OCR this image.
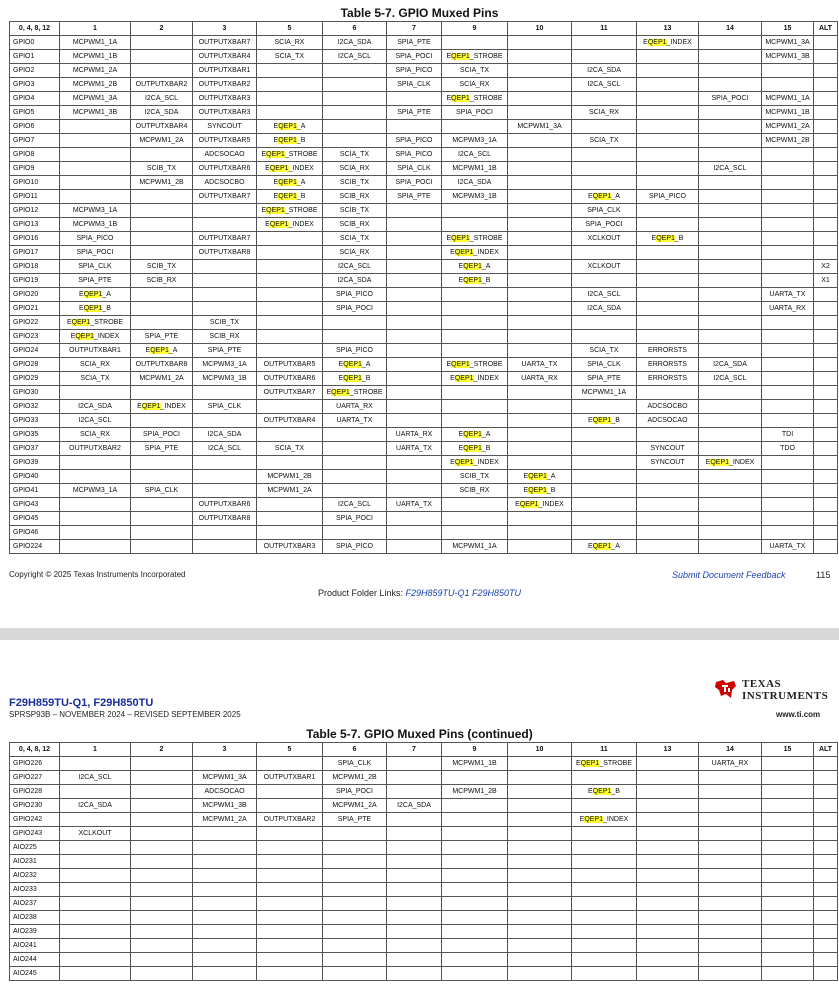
Table 5-7. GPIO Muxed Pins
0, 4, 8, 12	1	2	3	5	6	7	9	10	11	13	14	15	ALT
GPIO0	MCPWM1_1A		OUTPUTXBAR7	SCIA_RX	I2CA_SDA	SPIA_PTE				EQEP1_INDEX		MCPWM1_3A	
GPIO1	MCPWM1_1B		OUTPUTXBAR4	SCIA_TX	I2CA_SCL	SPIA_POCI	EQEP1_STROBE					MCPWM1_3B	
GPIO2	MCPWM1_2A		OUTPUTXBAR1			SPIA_PICO	SCIA_TX		I2CA_SDA				
GPIO3	MCPWM1_2B	OUTPUTXBAR2	OUTPUTXBAR2			SPIA_CLK	SCIA_RX		I2CA_SCL				
GPIO4	MCPWM1_3A	I2CA_SCL	OUTPUTXBAR3				EQEP1_STROBE				SPIA_POCI	MCPWM1_1A	
GPIO5	MCPWM1_3B	I2CA_SDA	OUTPUTXBAR3			SPIA_PTE	SPIA_POCI		SCIA_RX			MCPWM1_1B	
GPIO6		OUTPUTXBAR4	SYNCOUT	EQEP1_A				MCPWM1_3A				MCPWM1_2A	
GPIO7		MCPWM1_2A	OUTPUTXBAR5	EQEP1_B		SPIA_PICO	MCPWM3_1A		SCIA_TX			MCPWM1_2B	
GPIO8			ADCSOCAO	EQEP1_STROBE	SCIA_TX	SPIA_PICO	I2CA_SCL						
GPIO9		SCIB_TX	OUTPUTXBAR6	EQEP1_INDEX	SCIA_RX	SPIA_CLK	MCPWM1_1B				I2CA_SCL		
GPIO10		MCPWM1_2B	ADCSOCBO	EQEP1_A	SCIB_TX	SPIA_POCI	I2CA_SDA						
GPIO11			OUTPUTXBAR7	EQEP1_B	SCIB_RX	SPIA_PTE	MCPWM3_1B		EQEP1_A	SPIA_PICO			
GPIO12	MCPWM3_1A			EQEP1_STROBE	SCIB_TX				SPIA_CLK				
GPIO13	MCPWM3_1B			EQEP1_INDEX	SCIB_RX				SPIA_POCI				
GPIO16	SPIA_PICO		OUTPUTXBAR7		SCIA_TX		EQEP1_STROBE		XCLKOUT	EQEP1_B			
GPIO17	SPIA_POCI		OUTPUTXBAR8		SCIA_RX		EQEP1_INDEX						
GPIO18	SPIA_CLK	SCIB_TX			I2CA_SCL		EQEP1_A		XCLKOUT				X2
GPIO19	SPIA_PTE	SCIB_RX			I2CA_SDA		EQEP1_B						X1
GPIO20	EQEP1_A				SPIA_PICO				I2CA_SCL			UARTA_TX	
GPIO21	EQEP1_B				SPIA_POCI				I2CA_SDA			UARTA_RX	
GPIO22	EQEP1_STROBE		SCIB_TX										
GPIO23	EQEP1_INDEX	SPIA_PTE	SCIB_RX										
GPIO24	OUTPUTXBAR1	EQEP1_A	SPIA_PTE		SPIA_PICO				SCIA_TX	ERRORSTS			
GPIO28	SCIA_RX	OUTPUTXBAR8	MCPWM3_1A	OUTPUTXBAR5	EQEP1_A		EQEP1_STROBE	UARTA_TX	SPIA_CLK	ERRORSTS	I2CA_SDA		
GPIO29	SCIA_TX	MCPWM1_2A	MCPWM3_1B	OUTPUTXBAR6	EQEP1_B		EQEP1_INDEX	UARTA_RX	SPIA_PTE	ERRORSTS	I2CA_SCL		
GPIO30				OUTPUTXBAR7	EQEP1_STROBE				MCPWM1_1A				
GPIO32	I2CA_SDA	EQEP1_INDEX	SPIA_CLK		UARTA_RX					ADCSOCBO			
GPIO33	I2CA_SCL			OUTPUTXBAR4	UARTA_TX				EQEP1_B	ADCSOCAO			
GPIO35	SCIA_RX	SPIA_POCI	I2CA_SDA			UARTA_RX	EQEP1_A					TDI	
GPIO37	OUTPUTXBAR2	SPIA_PTE	I2CA_SCL	SCIA_TX		UARTA_TX	EQEP1_B			SYNCOUT		TDO	
GPIO39							EQEP1_INDEX			SYNCOUT	EQEP1_INDEX		
GPIO40				MCPWM1_2B			SCIB_TX	EQEP1_A					
GPIO41	MCPWM3_1A	SPIA_CLK		MCPWM1_2A			SCIB_RX	EQEP1_B					
GPIO43			OUTPUTXBAR6		I2CA_SCL	UARTA_TX		EQEP1_INDEX					
GPIO45			OUTPUTXBAR8		SPIA_POCI								
GPIO46													
GPIO224				OUTPUTXBAR3	SPIA_PICO		MCPWM1_1A		EQEP1_A			UARTA_TX	
Copyright © 2025 Texas Instruments Incorporated	Submit Document Feedback	115
Product Folder Links: F29H859TU-Q1 F29H850TU
TEXAS
INSTRUMENTS
F29H859TU-Q1, F29H850TU
SPRSP93B – NOVEMBER 2024 – REVISED SEPTEMBER 2025	www.ti.com
Table 5-7. GPIO Muxed Pins (continued)
0, 4, 8, 12	1	2	3	5	6	7	9	10	11	13	14	15	ALT
GPIO226					SPIA_CLK		MCPWM1_1B		EQEP1_STROBE		UARTA_RX		
GPIO227	I2CA_SCL		MCPWM1_3A	OUTPUTXBAR1	MCPWM1_2B								
GPIO228			ADCSOCAO		SPIA_POCI		MCPWM1_2B		EQEP1_B				
GPIO230	I2CA_SDA		MCPWM1_3B		MCPWM1_2A	I2CA_SDA							
GPIO242			MCPWM1_2A	OUTPUTXBAR2	SPIA_PTE				EQEP1_INDEX				
GPIO243	XCLKOUT												
AIO225													
AIO231													
AIO232													
AIO233													
AIO237													
AIO238													
AIO239													
AIO241													
AIO244													
AIO245													
